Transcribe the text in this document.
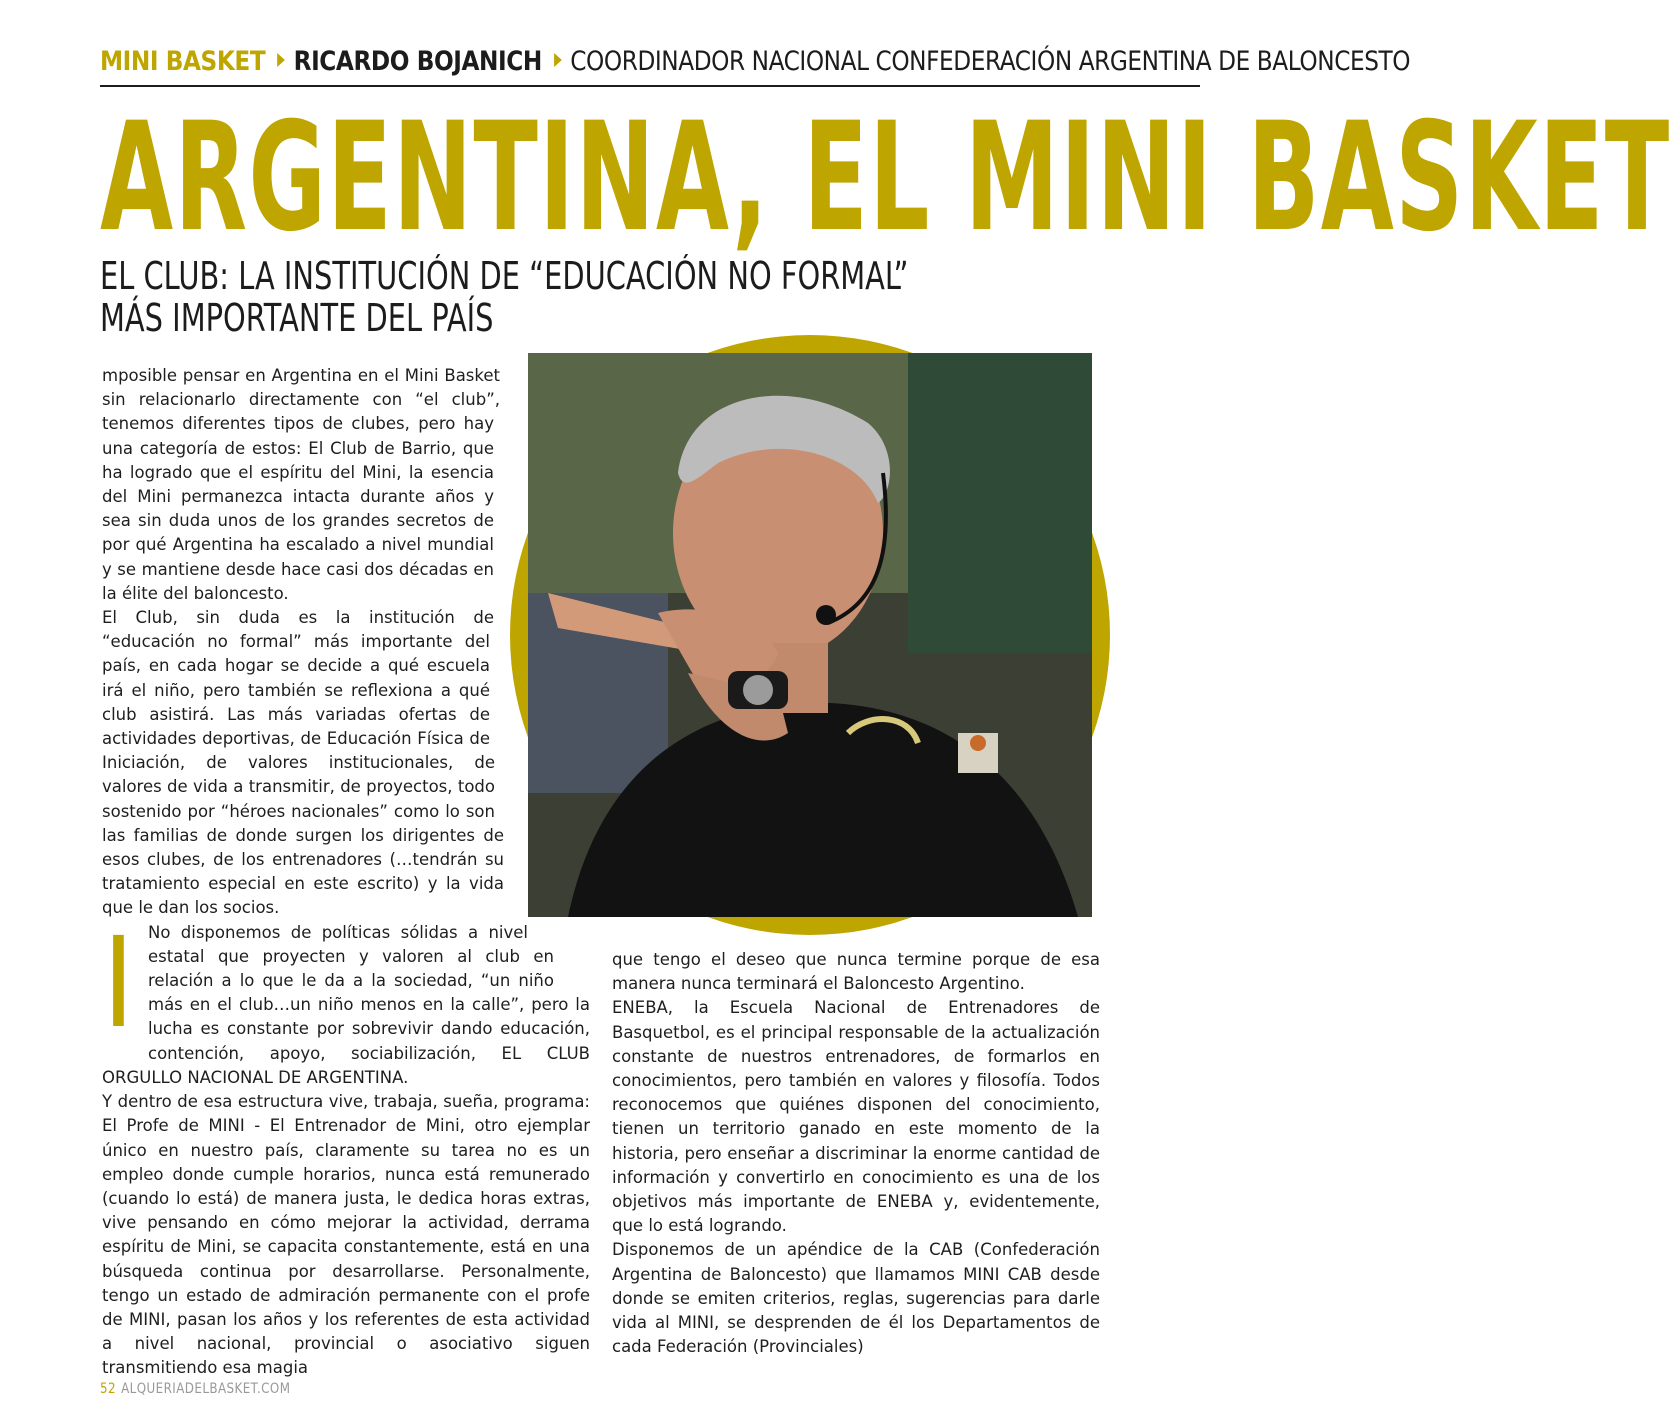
MINI BASKET RICARDO BOJANICH COORDINADOR NACIONAL CONFEDERACIÓN ARGENTINA DE BALONCESTO
ARGENTINA, EL MINI BASKET
EL CLUB: LA INSTITUCIÓN DE “EDUCACIÓN NO FORMAL”
MÁS IMPORTANTE DEL PAÍS
I

mposible pensar en Argentina en el Mini Basket sin relacionarlo directamente con “el club”, tenemos diferentes tipos de clubes, pero hay una categoría de estos: El Club de Barrio, que ha logrado que el espíritu del Mini, la esencia del Mini permanezca intacta durante años y sea sin duda unos de los grandes secretos de por qué Argentina ha escalado a nivel mundial y se mantiene desde hace casi dos décadas en la élite del baloncesto.

El Club, sin duda es la institución de “educación no formal” más importante del país, en cada hogar se decide a qué escuela irá el niño, pero también se reflexiona a qué club asistirá. Las más variadas ofertas de actividades deportivas, de Educación Física de Iniciación, de valores institucionales, de valores de vida a transmitir, de proyectos, todo sostenido por “héroes nacionales” como lo son las familias de donde surgen los dirigentes de esos clubes, de los entrenadores (…tendrán su tratamiento especial en este escrito) y la vida que le dan los socios.

No disponemos de políticas sólidas a nivel estatal que proyecten y valoren al club en relación a lo que le da a la sociedad, “un niño más en el club…un niño menos en la calle”, pero la lucha es constante por sobrevivir dando educación, contención, apoyo, sociabilización, EL CLUB ORGULLO NACIONAL DE ARGENTINA.

Y dentro de esa estructura vive, trabaja, sueña, programa: El Profe de MINI - El Entrenador de Mini, otro ejemplar único en nuestro país, claramente su tarea no es un empleo donde cumple horarios, nunca está remunerado (cuando lo está) de manera justa, le dedica horas extras, vive pensando en cómo mejorar la actividad, derrama espíritu de Mini, se capacita constantemente, está en una búsqueda continua por desarrollarse. Personalmente, tengo un estado de admiración permanente con el profe de MINI, pasan los años y los referentes de esta actividad a nivel nacional, provincial o asociativo siguen transmitiendo esa magia

que tengo el deseo que nunca termine porque de esa manera nunca terminará el Baloncesto Argentino.

ENEBA, la Escuela Nacional de Entrenadores de Basquetbol, es el principal responsable de la actualización constante de nuestros entrenadores, de formarlos en conocimientos, pero también en valores y filosofía. Todos reconocemos que quiénes disponen del conocimiento, tienen un territorio ganado en este momento de la historia, pero enseñar a discriminar la enorme cantidad de información y convertirlo en conocimiento es una de los objetivos más importante de ENEBA y, evidentemente, que lo está logrando.

Disponemos de un apéndice de la CAB (Confederación Argentina de Baloncesto) que llamamos MINI CAB desde donde se emiten criterios, reglas, sugerencias para darle vida al MINI, se desprenden de él los Departamentos de cada Federación (Provinciales)

52 ALQUERIADELBASKET.COM
